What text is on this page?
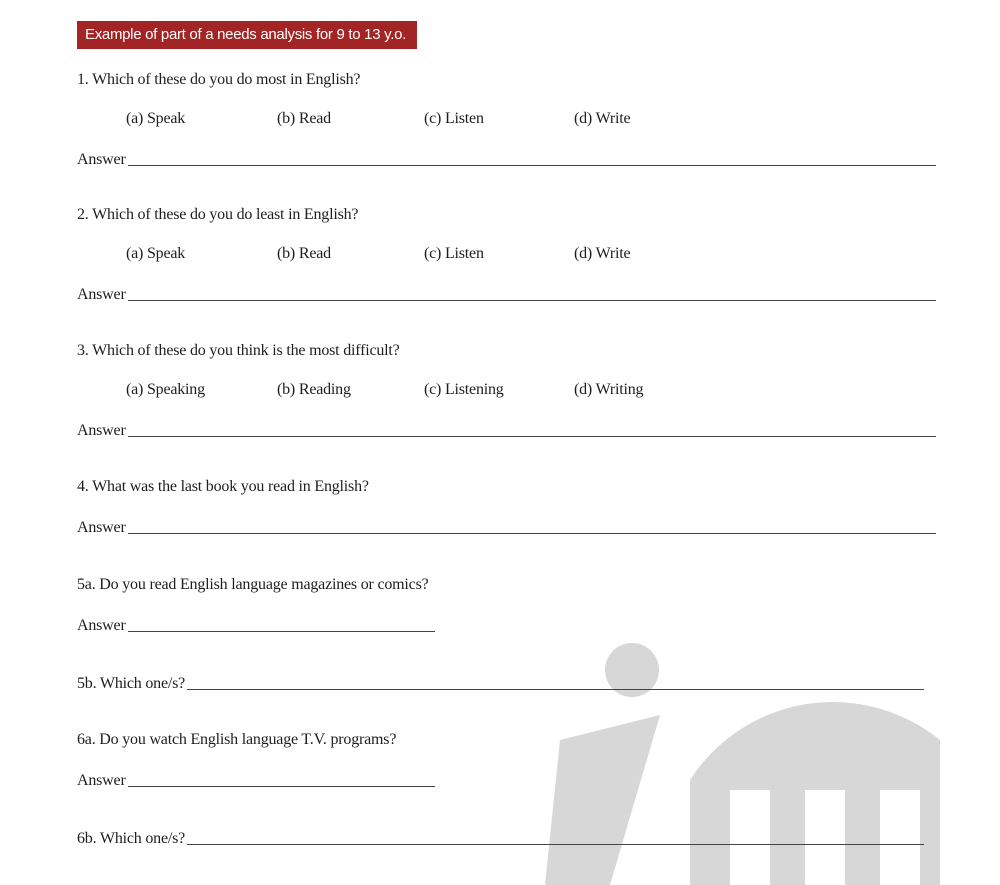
Example of part of a needs analysis for 9 to 13 y.o.
1. Which of these do you do most in English?
(a) Speak	(b) Read	(c) Listen	(d) Write
Answer
2. Which of these do you do least in English?
(a) Speak	(b) Read	(c) Listen	(d) Write
Answer
3. Which of these do you think is the most difficult?
(a) Speaking	(b) Reading	(c) Listening	(d) Writing
Answer
4. What was the last book you read in English?
Answer
5a. Do you read English language magazines or comics?
Answer
5b. Which one/s?
6a. Do you watch English language T.V. programs?
Answer
6b. Which one/s?
